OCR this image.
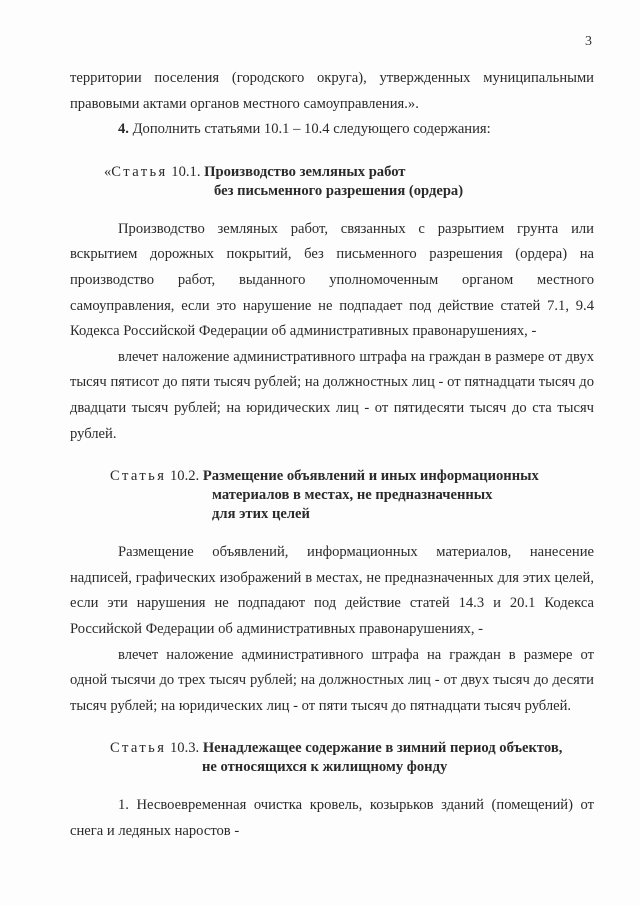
3

территории поселения (городского округа), утвержденных муниципальными правовыми актами органов местного самоуправления.».

4. Дополнить статьями 10.1 – 10.4 следующего содержания:

«Статья 10.1. Производство земляных работ
без письменного разрешения (ордера)

Производство земляных работ, связанных с разрытием грунта или вскрытием дорожных покрытий, без письменного разрешения (ордера) на производство работ, выданного уполномоченным органом местного самоуправления, если это нарушение не подпадает под действие статей 7.1, 9.4 Кодекса Российской Федерации об административных правонарушениях, -

влечет наложение административного штрафа на граждан в размере от двух тысяч пятисот до пяти тысяч рублей; на должностных лиц - от пятнадцати тысяч до двадцати тысяч рублей; на юридических лиц - от пятидесяти тысяч до ста тысяч рублей.

Статья 10.2. Размещение объявлений и иных информационных
материалов в местах, не предназначенных
для этих целей

Размещение объявлений, информационных материалов, нанесение надписей, графических изображений в местах, не предназначенных для этих целей, если эти нарушения не подпадают под действие статей 14.3 и 20.1 Кодекса Российской Федерации об административных правонарушениях, -

влечет наложение административного штрафа на граждан в размере от одной тысячи до трех тысяч рублей; на должностных лиц - от двух тысяч до десяти тысяч рублей; на юридических лиц - от пяти тысяч до пятнадцати тысяч рублей.

Статья 10.3. Ненадлежащее содержание в зимний период объектов,
не относящихся к жилищному фонду

1. Несвоевременная очистка кровель, козырьков зданий (помещений) от снега и ледяных наростов -
